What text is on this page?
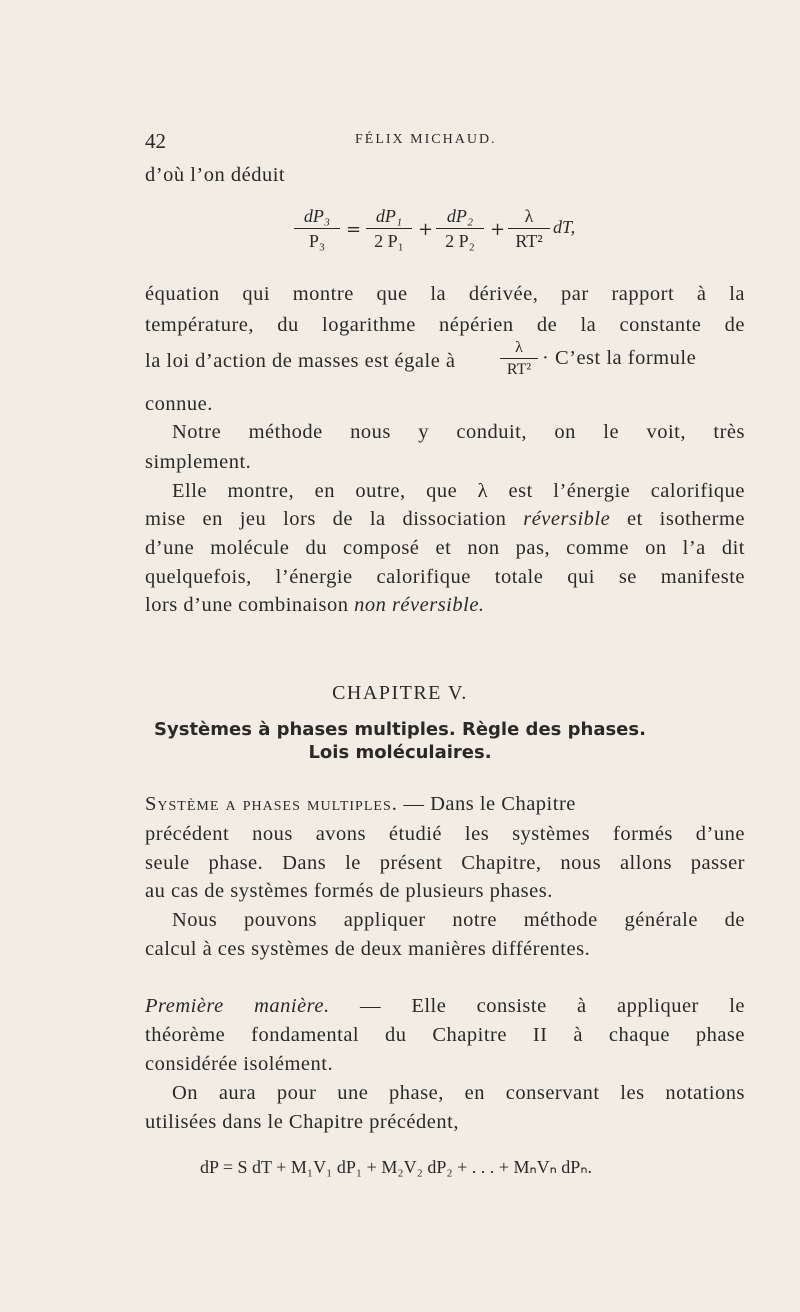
42	FÉLIX MICHAUD.
d’où l’on déduit
$\frac{\text{dP₃}}{\text{P₃}} = \frac{\text{dP₁}}{\text{2 P₁}} + \frac{\text{dP₂}}{\text{2 P₂}} + \frac{\lambda}{\text{RT²}}$ dT,
équation qui montre que la dérivée, par rapport à la
température, du logarithme népérien de la constante de
la loi d’action de masses est égale à	$\frac{\lambda}{\text{RT²}}$ · C’est la formule
connue.
Notre méthode nous y conduit, on le voit, très
simplement.
Elle montre, en outre, que λ est l’énergie calorifique
mise en jeu lors de la dissociation réversible et isotherme
d’une molécule du composé et non pas, comme on l’a dit
quelquefois, l’énergie calorifique totale qui se manifeste
lors d’une combinaison non réversible.
CHAPITRE V.
Systèmes à phases multiples. Règle des phases.
Lois moléculaires.
Système a phases multiples. — Dans le Chapitre
précédent nous avons étudié les systèmes formés d’une
seule phase. Dans le présent Chapitre, nous allons passer
au cas de systèmes formés de plusieurs phases.
Nous pouvons appliquer notre méthode générale de
calcul à ces systèmes de deux manières différentes.
Première manière. — Elle consiste à appliquer le
théorème fondamental du Chapitre II à chaque phase
considérée isolément.
On aura pour une phase, en conservant les notations
utilisées dans le Chapitre précédent,
dP = S dT + M₁V₁ dP₁ + M₂V₂ dP₂ + . . . + MₙVₙ dPₙ.
